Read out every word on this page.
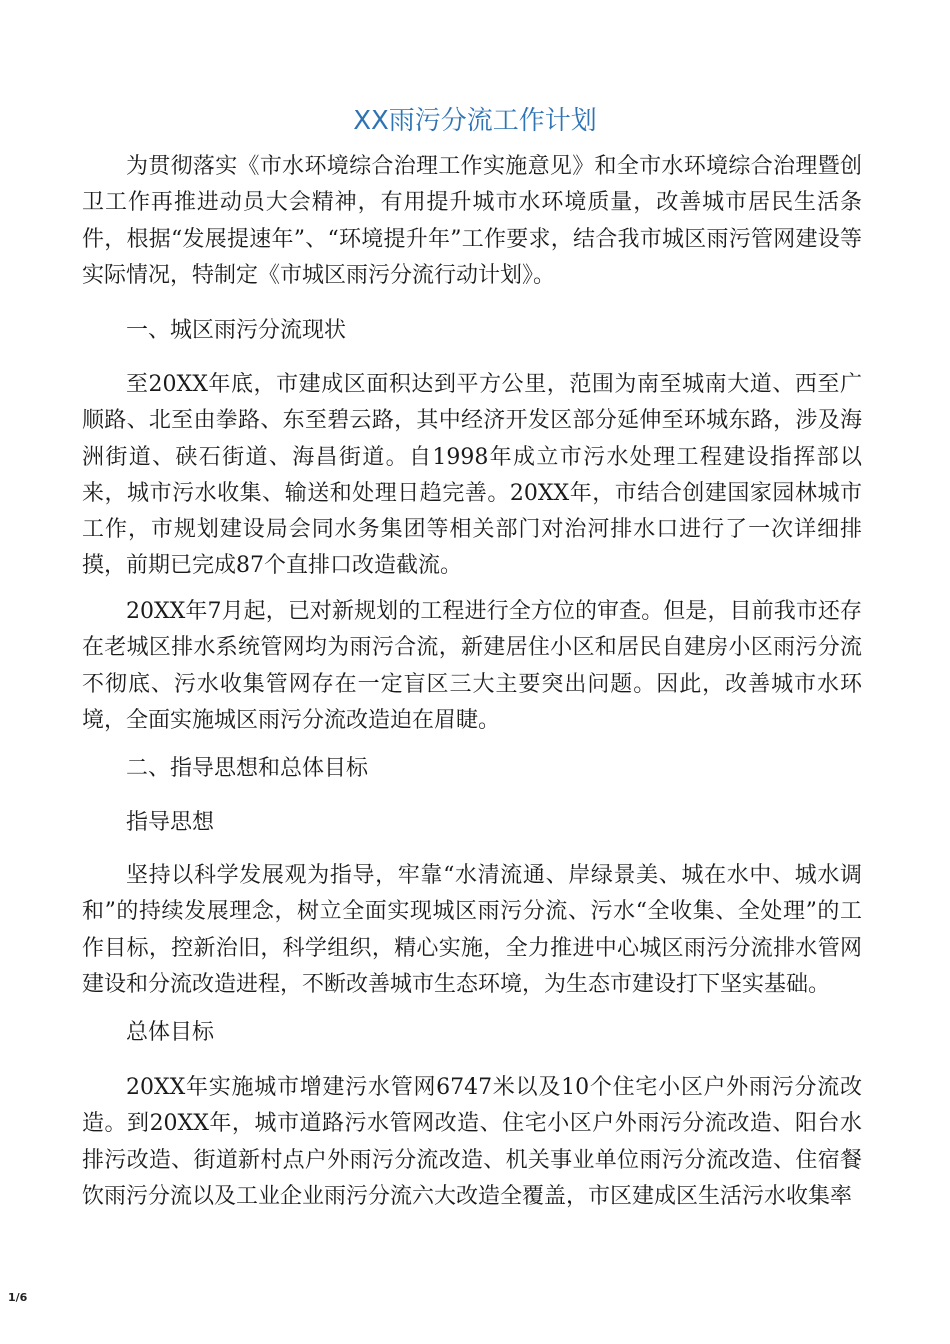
XX雨污分流工作计划

为贯彻落实《市水环境综合治理工作实施意见》和全市水环境综合治理暨创卫工作再推进动员大会精神，有用提升城市水环境质量，改善城市居民生活条件，根据“发展提速年”、“环境提升年”工作要求，结合我市城区雨污管网建设等实际情况，特制定《市城区雨污分流行动计划》。

一、城区雨污分流现状

至20XX年底，市建成区面积达到平方公里，范围为南至城南大道、西至广顺路、北至由拳路、东至碧云路，其中经济开发区部分延伸至环城东路，涉及海洲街道、硖石街道、海昌街道。自1998年成立市污水处理工程建设指挥部以来，城市污水收集、输送和处理日趋完善。20XX年，市结合创建国家园林城市工作，市规划建设局会同水务集团等相关部门对治河排水口进行了一次详细排摸，前期已完成87个直排口改造截流。

20XX年7月起，已对新规划的工程进行全方位的审查。但是，目前我市还存在老城区排水系统管网均为雨污合流，新建居住小区和居民自建房小区雨污分流不彻底、污水收集管网存在一定盲区三大主要突出问题。因此，改善城市水环境，全面实施城区雨污分流改造迫在眉睫。

二、指导思想和总体目标

指导思想

坚持以科学发展观为指导，牢靠“水清流通、岸绿景美、城在水中、城水调和”的持续发展理念，树立全面实现城区雨污分流、污水“全收集、全处理”的工作目标，控新治旧，科学组织，精心实施，全力推进中心城区雨污分流排水管网建设和分流改造进程，不断改善城市生态环境，为生态市建设打下坚实基础。

总体目标

20XX年实施城市增建污水管网6747米以及10个住宅小区户外雨污分流改造。到20XX年，城市道路污水管网改造、住宅小区户外雨污分流改造、阳台水排污改造、街道新村点户外雨污分流改造、机关事业单位雨污分流改造、住宿餐饮雨污分流以及工业企业雨污分流六大改造全覆盖，市区建成区生活污水收集率

1/6
